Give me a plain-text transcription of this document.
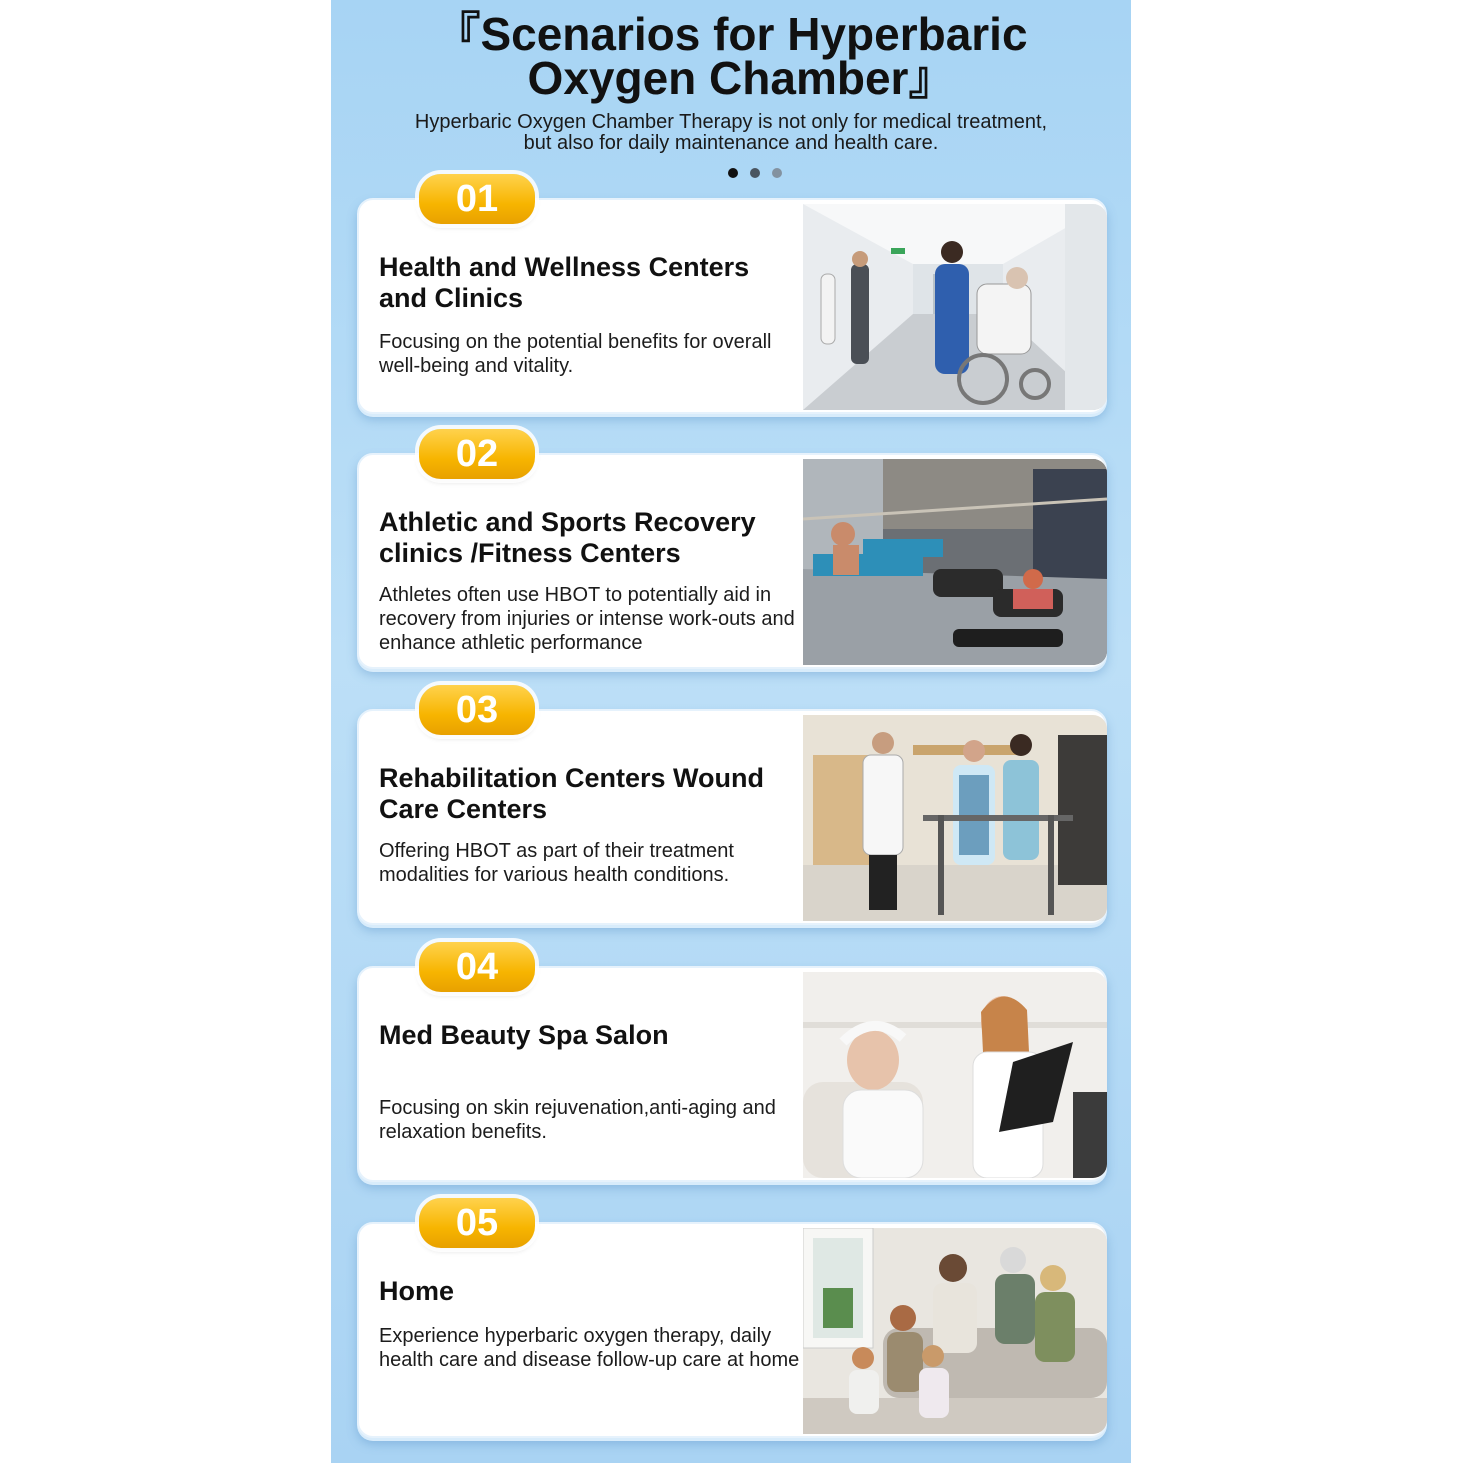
『Scenarios for Hyperbaric
Oxygen Chamber』

Hyperbaric Oxygen Chamber Therapy is not only for medical treatment,
but also for daily maintenance and health care.

01
Health and Wellness Centers and Clinics
Focusing on the potential benefits for overall well-being and vitality.
02
Athletic and Sports Recovery clinics /Fitness Centers
Athletes often use HBOT to potentially aid in recovery from injuries or intense work-outs and enhance athletic performance
03
Rehabilitation Centers Wound Care Centers
Offering HBOT as part of their treatment modalities for various health conditions.
04
Med Beauty Spa Salon
Focusing on skin rejuvenation,anti-aging and relaxation benefits.
05
Home
Experience hyperbaric oxygen therapy, daily health care and disease follow-up care at home
